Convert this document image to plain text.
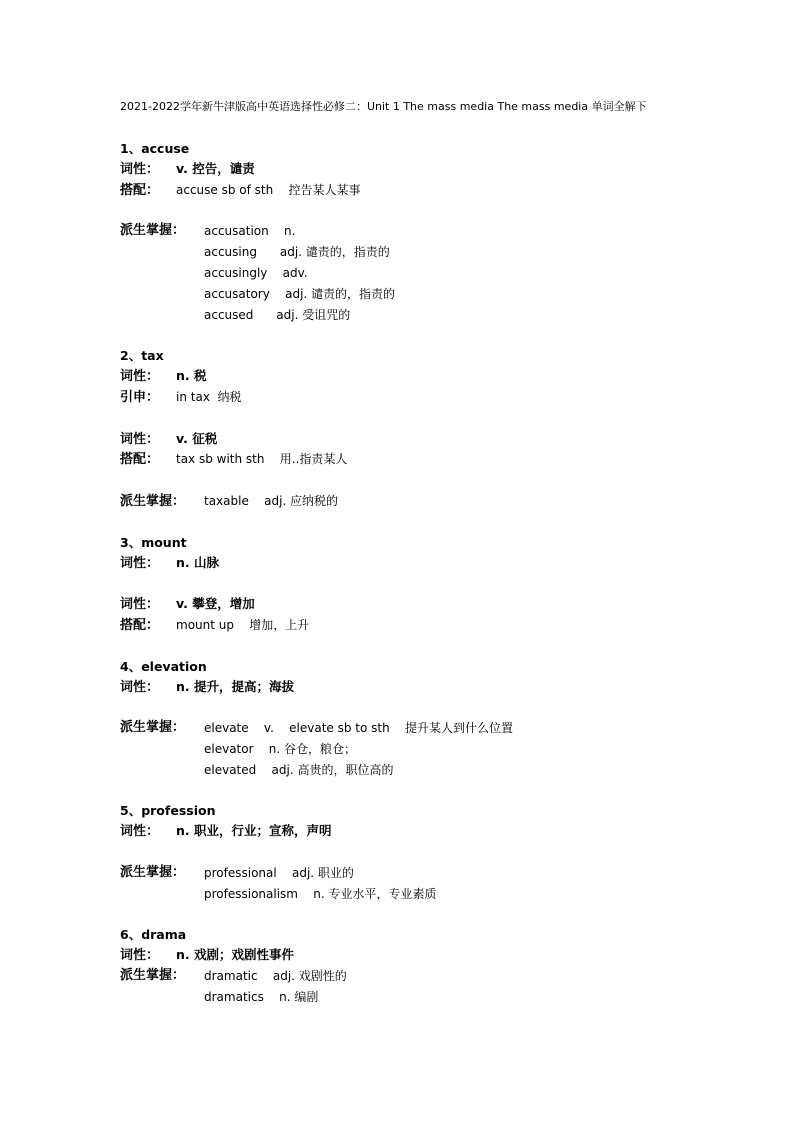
2021-2022学年新牛津版高中英语选择性必修二：Unit 1 The mass media The mass media 单词全解下
1、accuse
词性：	v. 控告，谴责
搭配：	accuse sb of sth    控告某人某事
派生掌握：	accusation    n.
accusing      adj. 谴责的，指责的
accusingly    adv.
accusatory    adj. 谴责的，指责的
accused      adj. 受诅咒的
2、tax
词性：	n. 税
引申：	in tax  纳税
词性：	v. 征税
搭配：	tax sb with sth    用..指责某人
派生掌握：	taxable    adj. 应纳税的
3、mount
词性：	n. 山脉
词性：	v. 攀登，增加
搭配：	mount up    增加，上升
4、elevation
词性：	n. 提升，提高；海拔
派生掌握：	elevate    v.    elevate sb to sth    提升某人到什么位置
elevator    n. 谷仓，粮仓；
elevated    adj. 高贵的，职位高的
5、profession
词性：	n. 职业，行业；宣称，声明
派生掌握：	professional    adj. 职业的
professionalism    n. 专业水平，专业素质
6、drama
词性：	n. 戏剧；戏剧性事件
派生掌握：	dramatic    adj. 戏剧性的
dramatics    n. 编剧
